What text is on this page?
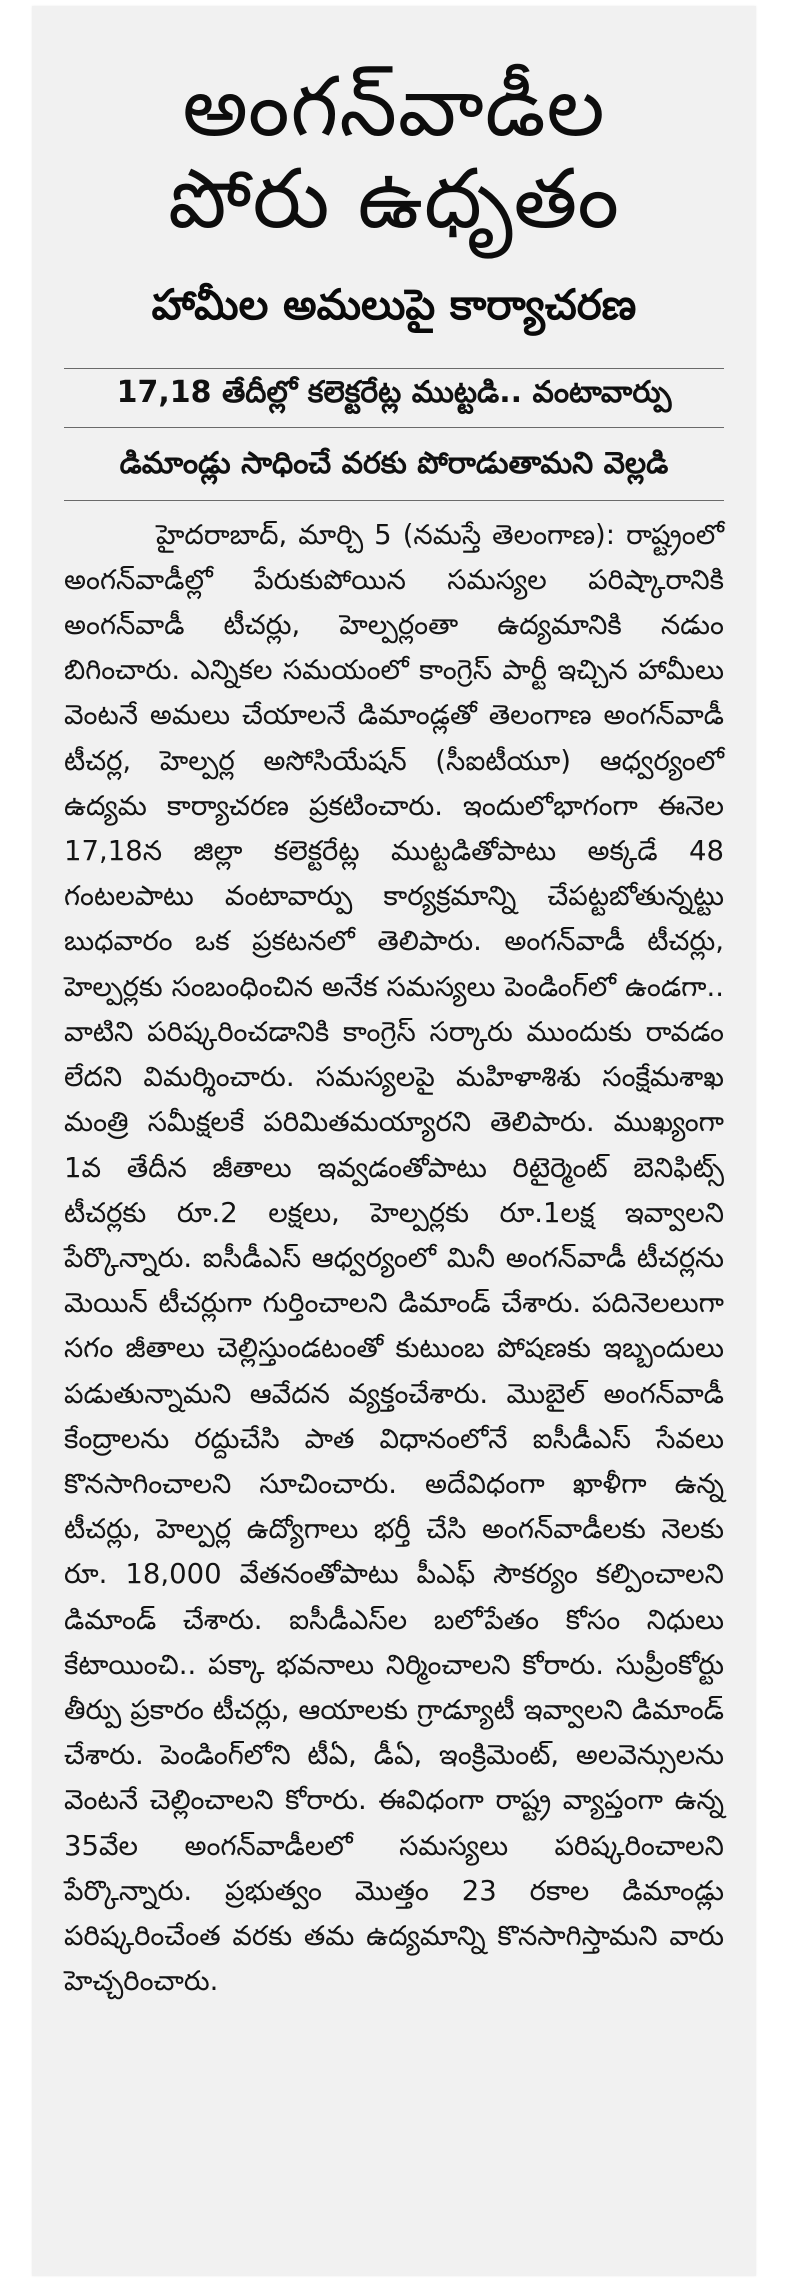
అంగన్‌వాడీల
పోరు ఉధృతం
హామీల అమలుపై కార్యాచరణ
17,18 తేదీల్లో కలెక్టరేట్ల ముట్టడి.. వంటావార్పు
డిమాండ్లు సాధించే వరకు పోరాడుతామని వెల్లడి

హైదరాబాద్, మార్చి 5 (నమస్తే తెలంగాణ): రాష్ట్రంలో అంగన్‌వాడీల్లో పేరుకుపోయిన సమస్యల పరిష్కారానికి అంగన్‌వాడీ టీచర్లు, హెల్పర్లంతా ఉద్యమానికి నడుం బిగించారు. ఎన్నికల సమయంలో కాంగ్రెస్ పార్టీ ఇచ్చిన హామీలు వెంటనే అమలు చేయాలనే డిమాండ్లతో తెలంగాణ అంగన్‌వాడీ టీచర్ల, హెల్పర్ల అసోసియేషన్ (సీఐటీయూ) ఆధ్వర్యంలో ఉద్యమ కార్యాచరణ ప్రకటించారు. ఇందులోభాగంగా ఈనెల 17,18న జిల్లా కలెక్టరేట్ల ముట్టడితోపాటు అక్కడే 48 గంటలపాటు వంటావార్పు కార్యక్రమాన్ని చేపట్టబోతున్నట్టు బుధవారం ఒక ప్రకటనలో తెలిపారు. అంగన్‌వాడీ టీచర్లు, హెల్పర్లకు సంబంధించిన అనేక సమస్యలు పెండింగ్‌లో ఉండగా.. వాటిని పరిష్కరించడానికి కాంగ్రెస్ సర్కారు ముందుకు రావడం లేదని విమర్శించారు. సమస్యలపై మహిళాశిశు సంక్షేమశాఖ మంత్రి సమీక్షలకే పరిమితమయ్యారని తెలిపారు. ముఖ్యంగా 1వ తేదీన జీతాలు ఇవ్వడంతోపాటు రిటైర్మెంట్ బెనిఫిట్స్ టీచర్లకు రూ.2 లక్షలు, హెల్పర్లకు రూ.1లక్ష ఇవ్వాలని పేర్కొన్నారు. ఐసీడీఎస్ ఆధ్వర్యంలో మినీ అంగన్‌వాడీ టీచర్లను మెయిన్ టీచర్లుగా గుర్తించాలని డిమాండ్ చేశారు. పదినెలలుగా సగం జీతాలు చెల్లిస్తుండటంతో కుటుంబ పోషణకు ఇబ్బందులు పడుతున్నామని ఆవేదన వ్యక్తంచేశారు. మొబైల్ అంగన్‌వాడీ కేంద్రాలను రద్దుచేసి పాత విధానంలోనే ఐసీడీఎస్ సేవలు కొనసాగించాలని సూచించారు. అదేవిధంగా ఖాళీగా ఉన్న టీచర్లు, హెల్పర్ల ఉద్యోగాలు భర్తీ చేసి అంగన్‌వాడీలకు నెలకు రూ. 18,000 వేతనంతోపాటు పీఎఫ్ సౌకర్యం కల్పించాలని డిమాండ్ చేశారు. ఐసీడీఎస్‌ల బలోపేతం కోసం నిధులు కేటాయించి.. పక్కా భవనాలు నిర్మించాలని కోరారు. సుప్రీంకోర్టు తీర్పు ప్రకారం టీచర్లు, ఆయాలకు గ్రాడ్యూటీ ఇవ్వాలని డిమాండ్ చేశారు. పెండింగ్‌లోని టీఏ, డీఏ, ఇంక్రిమెంట్, అలవెన్సులను వెంటనే చెల్లించాలని కోరారు. ఈవిధంగా రాష్ట్ర వ్యాప్తంగా ఉన్న 35వేల అంగన్‌వాడీలలో సమస్యలు పరిష్కరించాలని పేర్కొన్నారు. ప్రభుత్వం మొత్తం 23 రకాల డిమాండ్లు పరిష్కరించేంత వరకు తమ ఉద్యమాన్ని కొనసాగిస్తామని వారు హెచ్చరించారు.
